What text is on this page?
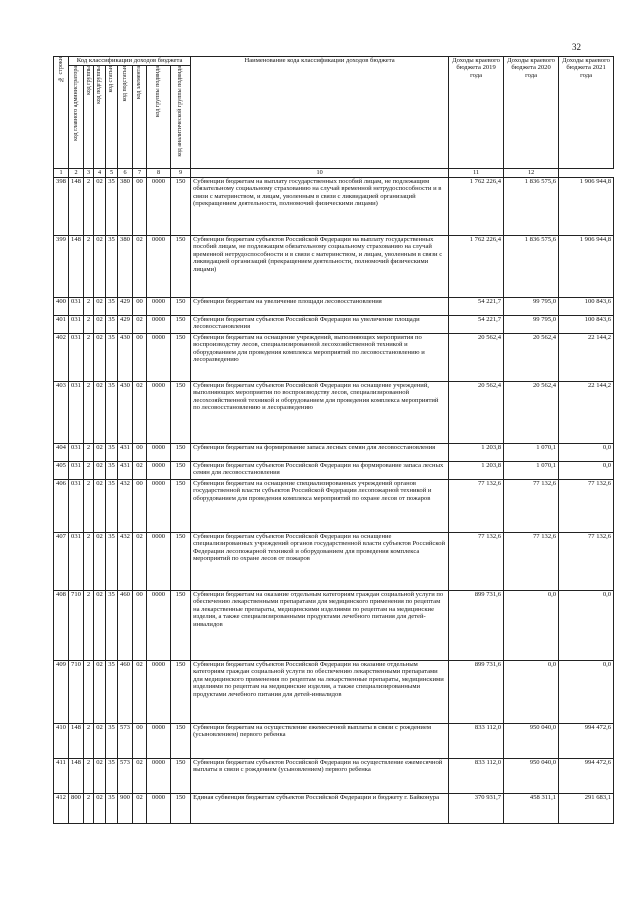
32
№ строки	Код классификации доходов бюджета								Наименование кода классификации доходов бюджета	Доходы краевого бюджета 2019 года	Доходы краевого бюджета 2020 года	Доходы краевого бюджета 2021 года

	код главного администратора	код группы	код подгруппы	код статьи	код подстатьи	код элемента	код группы подвида	код аналитической группы подвида				

1	2	3	4	5	6	7	8	9	10	11	12	
398	148	2	02	35	380	00	0000	150	Субвенции бюджетам на выплату государственных пособий лицам, не подлежащим обязательному социальному страхованию на случай временной нетрудоспособности и в связи с материнством, и лицам, уволенным в связи с ликвидацией организаций (прекращением деятельности, полномочий физическими лицами)	1 762 226,4	1 836 575,6	1 906 944,8
399	148	2	02	35	380	02	0000	150	Субвенции бюджетам субъектов Российской Федерации на выплату государственных пособий лицам, не подлежащим обязательному социальному страхованию на случай временной нетрудоспособности и в связи с материнством, и лицам, уволенным в связи с ликвидацией организаций (прекращением деятельности, полномочий физическими лицами)	1 762 226,4	1 836 575,6	1 906 944,8
400	031	2	02	35	429	00	0000	150	Субвенции бюджетам на увеличение площади лесовосстановления	54 221,7	99 795,0	100 843,6
401	031	2	02	35	429	02	0000	150	Субвенции бюджетам субъектов Российской Федерации на увеличение площади лесовосстановления	54 221,7	99 795,0	100 843,6
402	031	2	02	35	430	00	0000	150	Субвенции бюджетам на оснащение учреждений, выполняющих мероприятия по воспроизводству лесов, специализированной лесохозяйственной техникой и оборудованием для проведения комплекса мероприятий по лесовосстановлению и лесоразведению	20 562,4	20 562,4	22 144,2
403	031	2	02	35	430	02	0000	150	Субвенции бюджетам субъектов Российской Федерации на оснащение учреждений, выполняющих мероприятия по воспроизводству лесов, специализированной лесохозяйственной техникой и оборудованием для проведения комплекса мероприятий по лесовосстановлению и лесоразведению	20 562,4	20 562,4	22 144,2
404	031	2	02	35	431	00	0000	150	Субвенции бюджетам на формирование запаса лесных семян для лесовосстановления	1 203,8	1 070,1	0,0
405	031	2	02	35	431	02	0000	150	Субвенции бюджетам субъектов Российской Федерации на формирование запаса лесных семян для лесовосстановления	1 203,8	1 070,1	0,0
406	031	2	02	35	432	00	0000	150	Субвенции бюджетам на оснащение специализированных учреждений органов государственной власти субъектов Российской Федерации лесопожарной техникой и оборудованием для проведения комплекса мероприятий по охране лесов от пожаров	77 132,6	77 132,6	77 132,6
407	031	2	02	35	432	02	0000	150	Субвенции бюджетам субъектов Российской Федерации на оснащение специализированных учреждений органов государственной власти субъектов Российской Федерации лесопожарной техникой и оборудованием для проведения комплекса мероприятий по охране лесов от пожаров	77 132,6	77 132,6	77 132,6
408	710	2	02	35	460	00	0000	150	Субвенции бюджетам на оказание отдельным категориям граждан социальной услуги по обеспечению лекарственными препаратами для медицинского применения по рецептам на лекарственные препараты, медицинскими изделиями по рецептам на медицинские изделия, а также специализированными продуктами лечебного питания для детей-инвалидов	899 731,6	0,0	0,0
409	710	2	02	35	460	02	0000	150	Субвенции бюджетам субъектов Российской Федерации на оказание отдельным категориям граждан социальной услуги по обеспечению лекарственными препаратами для медицинского применения по рецептам на лекарственные препараты, медицинскими изделиями по рецептам на медицинские изделия, а также специализированными продуктами лечебного питания для детей-инвалидов	899 731,6	0,0	0,0
410	148	2	02	35	573	00	0000	150	Субвенции бюджетам на осуществление ежемесячной выплаты в связи с рождением (усыновлением) первого ребенка	833 112,0	950 040,0	994 472,6
411	148	2	02	35	573	02	0000	150	Субвенции бюджетам субъектов Российской Федерации на осуществление ежемесячной выплаты в связи с рождением (усыновлением) первого ребенка	833 112,0	950 040,0	994 472,6
412	800	2	02	35	900	02	0000	150	Единая субвенция бюджетам субъектов Российской Федерации и бюджету г. Байконура	370 931,7	458 311,1	291 683,1
